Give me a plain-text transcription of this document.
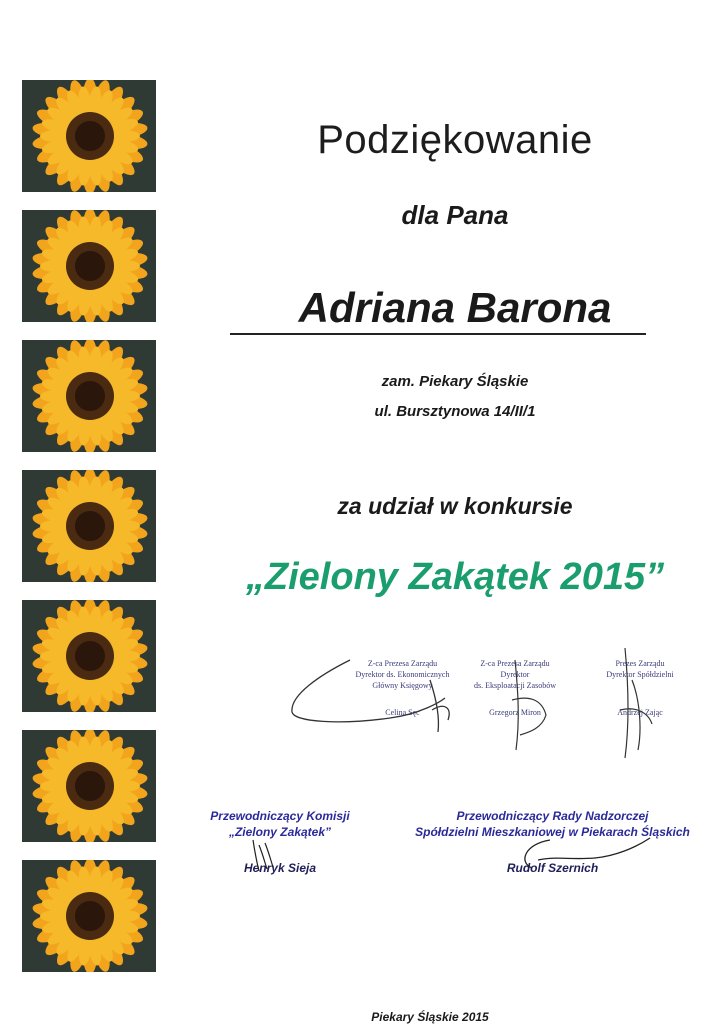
Podziękowanie
dla Pana
Adriana Barona
zam. Piekary Śląskie
ul. Bursztynowa 14/II/1
za udział w konkursie
„Zielony Zakątek 2015”
Z-ca Prezesa Zarządu
Dyrektor ds. Ekonomicznych
Główny Księgowy
Celina Sęc
Z-ca Prezesa Zarządu
Dyrektor
ds. Eksploatacji Zasobów
Grzegorz Miron
Prezes Zarządu
Dyrektor Spółdzielni
Andrzej Zając
Przewodniczący Komisji
„Zielony Zakątek”
Henryk Sieja
Przewodniczący Rady Nadzorczej
Spółdzielni Mieszkaniowej w Piekarach Śląskich
Rudolf Szernich
Piekary Śląskie 2015
